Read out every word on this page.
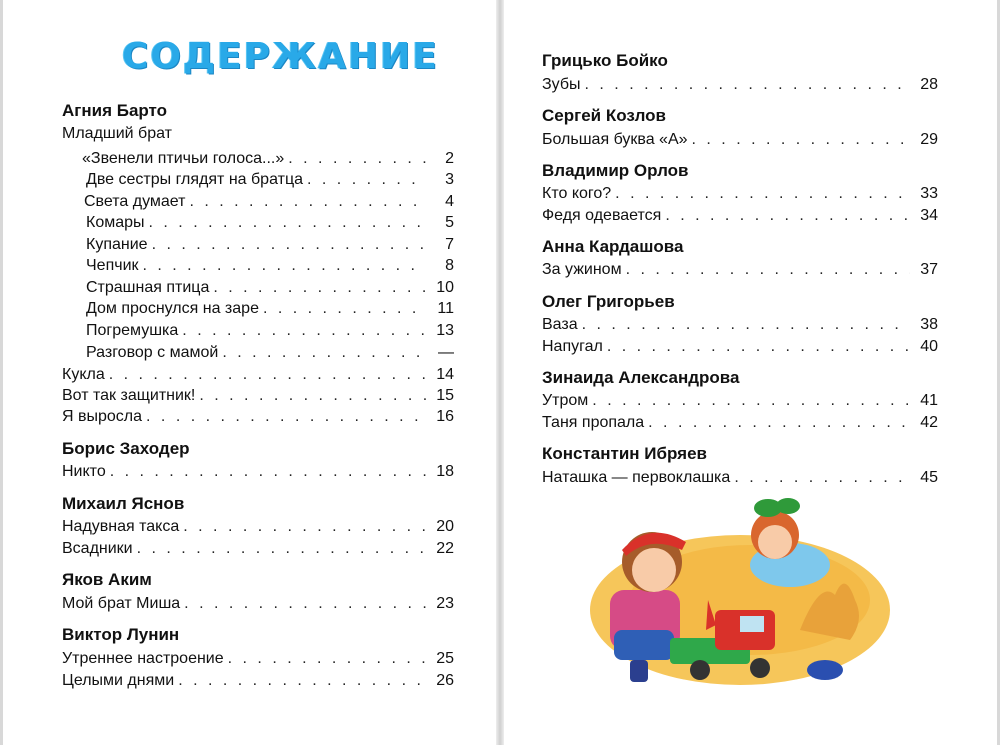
СОДЕРЖАНИЕ
Агния Барто
Младший брат
«Звенели птичьи голоса...» . . .	2
Две сестры глядят на братца . . .	3
Света думает . . .	4
Комары . . .	5
Купание . . .	7
Чепчик . . .	8
Страшная птица . . .	10
Дом проснулся на заре . . .	11
Погремушка . . .	13
Разговор с мамой . . .	—
Кукла . . .	14
Вот так защитник! . . .	15
Я выросла . . .	16
Борис Заходер
Никто . . .	18
Михаил Яснов
Надувная такса . . .	20
Всадники . . .	22
Яков Аким
Мой брат Миша . . .	23
Виктор Лунин
Утреннее настроение . . .	25
Целыми днями . . .	26
Грицько Бойко
Зубы . . .	28
Сергей Козлов
Большая буква «А» . . .	29
Владимир Орлов
Кто кого? . . .	33
Федя одевается . . .	34
Анна Кардашова
За ужином . . .	37
Олег Григорьев
Ваза . . .	38
Напугал . . .	40
Зинаида Александрова
Утром . . .	41
Таня пропала . . .	42
Константин Ибряев
Наташка — первоклашка . . .	45
